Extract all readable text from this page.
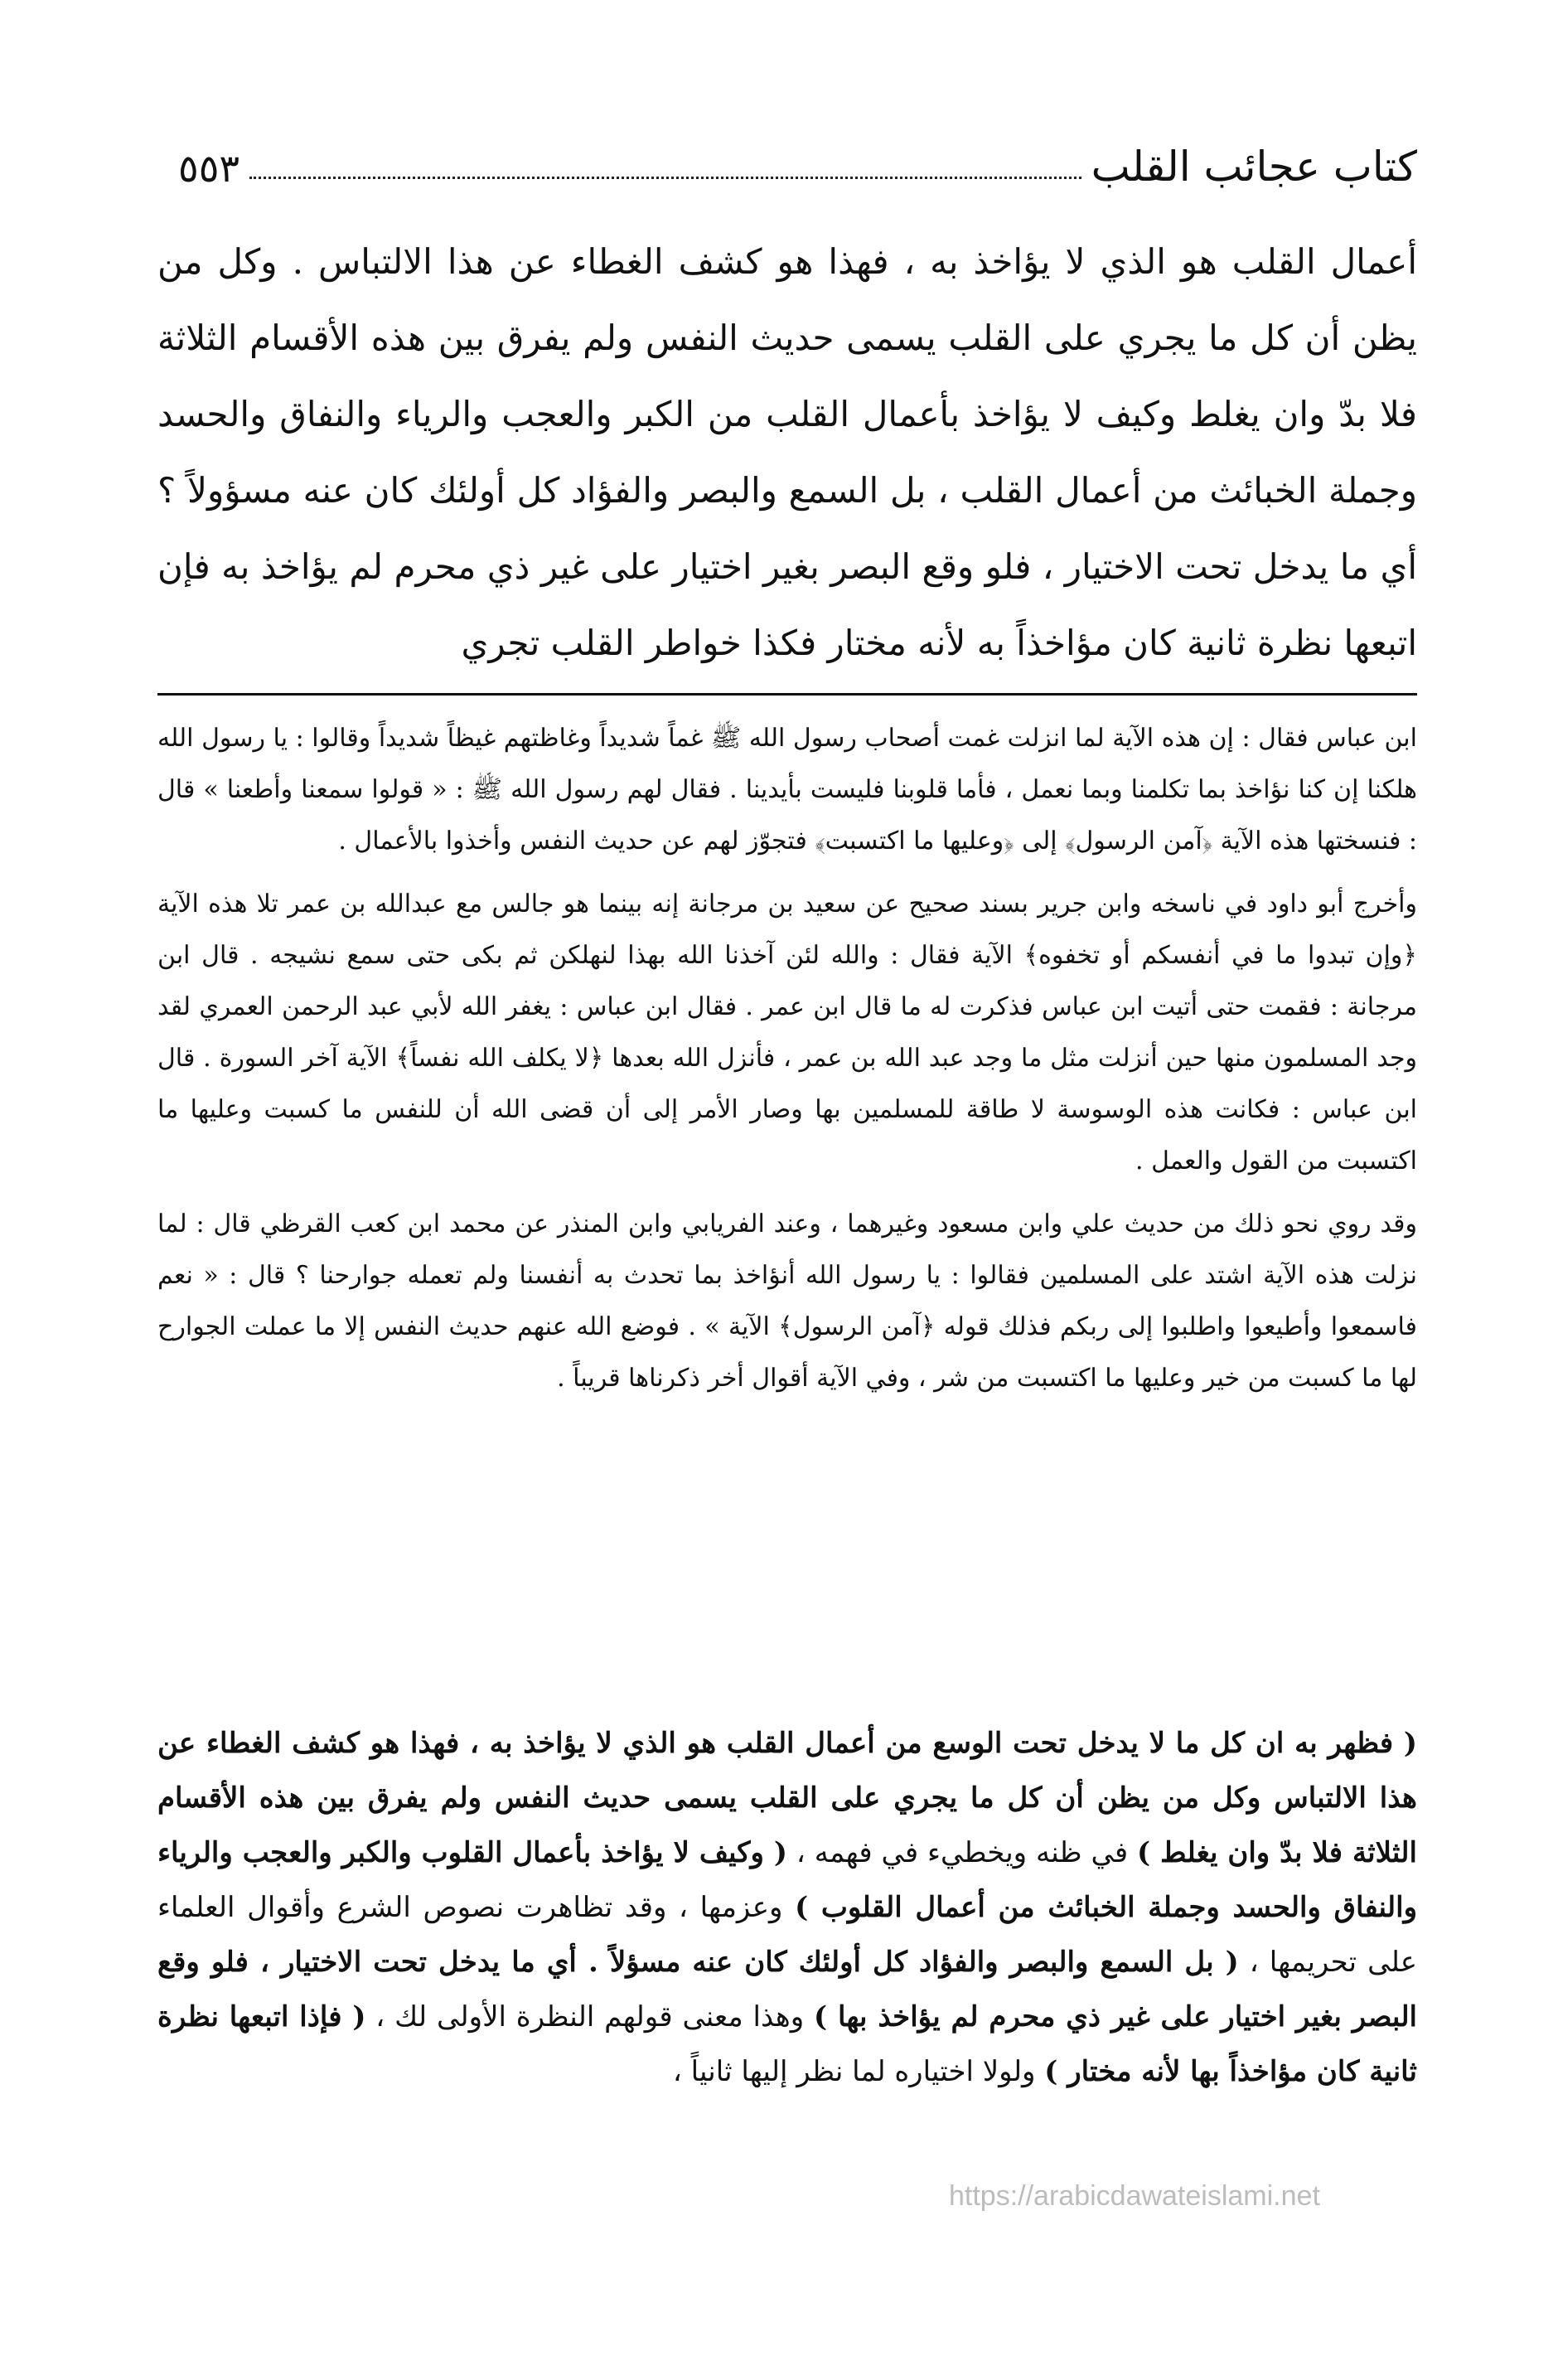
كتاب عجائب القلب
٥٥٣

أعمال القلب هو الذي لا يؤاخذ به ، فهذا هو كشف الغطاء عن هذا الالتباس . وكل من يظن أن كل ما يجري على القلب يسمى حديث النفس ولم يفرق بين هذه الأقسام الثلاثة فلا بدّ وان يغلط وكيف لا يؤاخذ بأعمال القلب من الكبر والعجب والرياء والنفاق والحسد وجملة الخبائث من أعمال القلب ، بل السمع والبصر والفؤاد كل أولئك كان عنه مسؤولاً ؟ أي ما يدخل تحت الاختيار ، فلو وقع البصر بغير اختيار على غير ذي محرم لم يؤاخذ به فإن اتبعها نظرة ثانية كان مؤاخذاً به لأنه مختار فكذا خواطر القلب تجري

ابن عباس فقال : إن هذه الآية لما انزلت غمت أصحاب رسول الله ﷺ غماً شديداً وغاظتهم غيظاً شديداً وقالوا : يا رسول الله هلكنا إن كنا نؤاخذ بما تكلمنا وبما نعمل ، فأما قلوبنا فليست بأيدينا . فقال لهم رسول الله ﷺ : « قولوا سمعنا وأطعنا » قال : فنسختها هذه الآية ﴿آمن الرسول﴾ إلى ﴿وعليها ما اكتسبت﴾ فتجوّز لهم عن حديث النفس وأخذوا بالأعمال .

وأخرج أبو داود في ناسخه وابن جرير بسند صحيح عن سعيد بن مرجانة إنه بينما هو جالس مع عبدالله بن عمر تلا هذه الآية ﴿وإن تبدوا ما في أنفسكم أو تخفوه﴾ الآية فقال : والله لئن آخذنا الله بهذا لنهلكن ثم بكى حتى سمع نشيجه . قال ابن مرجانة : فقمت حتى أتيت ابن عباس فذكرت له ما قال ابن عمر . فقال ابن عباس : يغفر الله لأبي عبد الرحمن العمري لقد وجد المسلمون منها حين أنزلت مثل ما وجد عبد الله بن عمر ، فأنزل الله بعدها ﴿لا يكلف الله نفساً﴾ الآية آخر السورة . قال ابن عباس : فكانت هذه الوسوسة لا طاقة للمسلمين بها وصار الأمر إلى أن قضى الله أن للنفس ما كسبت وعليها ما اكتسبت من القول والعمل .

وقد روي نحو ذلك من حديث علي وابن مسعود وغيرهما ، وعند الفريابي وابن المنذر عن محمد ابن كعب القرظي قال : لما نزلت هذه الآية اشتد على المسلمين فقالوا : يا رسول الله أنؤاخذ بما تحدث به أنفسنا ولم تعمله جوارحنا ؟ قال : « نعم فاسمعوا وأطيعوا واطلبوا إلى ربكم فذلك قوله ﴿آمن الرسول﴾ الآية » . فوضع الله عنهم حديث النفس إلا ما عملت الجوارح لها ما كسبت من خير وعليها ما اكتسبت من شر ، وفي الآية أقوال أخر ذكرناها قريباً .

( فظهر به ان كل ما لا يدخل تحت الوسع من أعمال القلب هو الذي لا يؤاخذ به ، فهذا هو كشف الغطاء عن هذا الالتباس وكل من يظن أن كل ما يجري على القلب يسمى حديث النفس ولم يفرق بين هذه الأقسام الثلاثة فلا بدّ وان يغلط ) في ظنه ويخطيء في فهمه ، ( وكيف لا يؤاخذ بأعمال القلوب والكبر والعجب والرياء والنفاق والحسد وجملة الخبائث من أعمال القلوب ) وعزمها ، وقد تظاهرت نصوص الشرع وأقوال العلماء على تحريمها ، ( بل السمع والبصر والفؤاد كل أولئك كان عنه مسؤلاً . أي ما يدخل تحت الاختيار ، فلو وقع البصر بغير اختيار على غير ذي محرم لم يؤاخذ بها ) وهذا معنى قولهم النظرة الأولى لك ، ( فإذا اتبعها نظرة ثانية كان مؤاخذاً بها لأنه مختار ) ولولا اختياره لما نظر إليها ثانياً ،

https://arabicdawateislami.net
